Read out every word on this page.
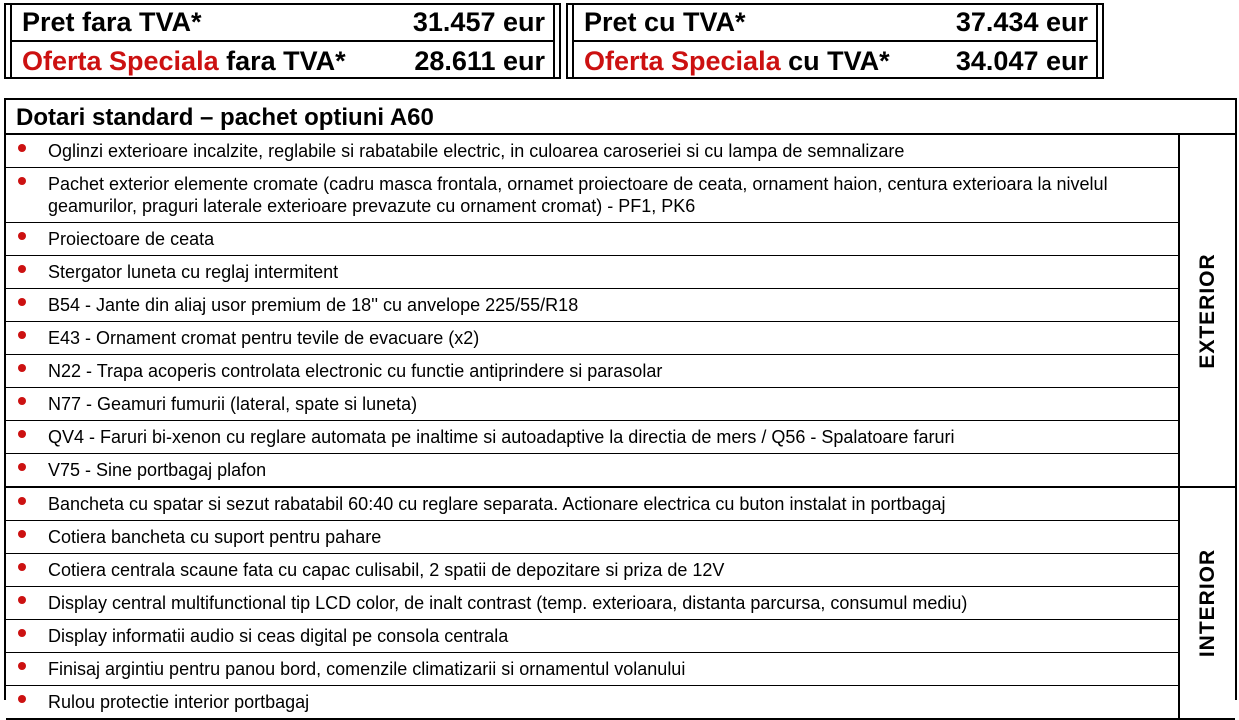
Pret fara TVA*	31.457 eur
Oferta Speciala fara TVA*	28.611 eur
Pret cu TVA*	37.434 eur
Oferta Speciala cu TVA*	34.047 eur
Dotari standard – pachet optiuni A60
Oglinzi exterioare incalzite, reglabile si rabatabile electric, in culoarea caroseriei si cu lampa de semnalizare
Pachet exterior elemente cromate (cadru masca frontala, ornamet proiectoare de ceata, ornament haion, centura exterioara la nivelul geamurilor, praguri laterale exterioare prevazute cu ornament cromat) - PF1, PK6
Proiectoare de ceata
Stergator luneta cu reglaj intermitent
B54 - Jante din aliaj usor premium de 18'' cu anvelope 225/55/R18
E43 - Ornament cromat pentru tevile de evacuare (x2)
N22 - Trapa acoperis controlata electronic cu functie antiprindere si parasolar
N77 - Geamuri fumurii (lateral, spate si luneta)
QV4 - Faruri bi-xenon cu reglare automata pe inaltime si autoadaptive la directia de mers / Q56 - Spalatoare faruri
V75 - Sine portbagaj plafon
EXTERIOR
Bancheta cu spatar si sezut rabatabil 60:40 cu reglare separata. Actionare electrica cu buton instalat in portbagaj
Cotiera bancheta cu suport pentru pahare
Cotiera centrala scaune fata cu capac culisabil, 2 spatii de depozitare si priza de 12V
Display central multifunctional tip LCD color, de inalt contrast (temp. exterioara, distanta parcursa, consumul mediu)
Display informatii audio si ceas digital pe consola centrala
Finisaj argintiu pentru panou bord, comenzile climatizarii si ornamentul volanului
Rulou protectie interior portbagaj
INTERIOR
